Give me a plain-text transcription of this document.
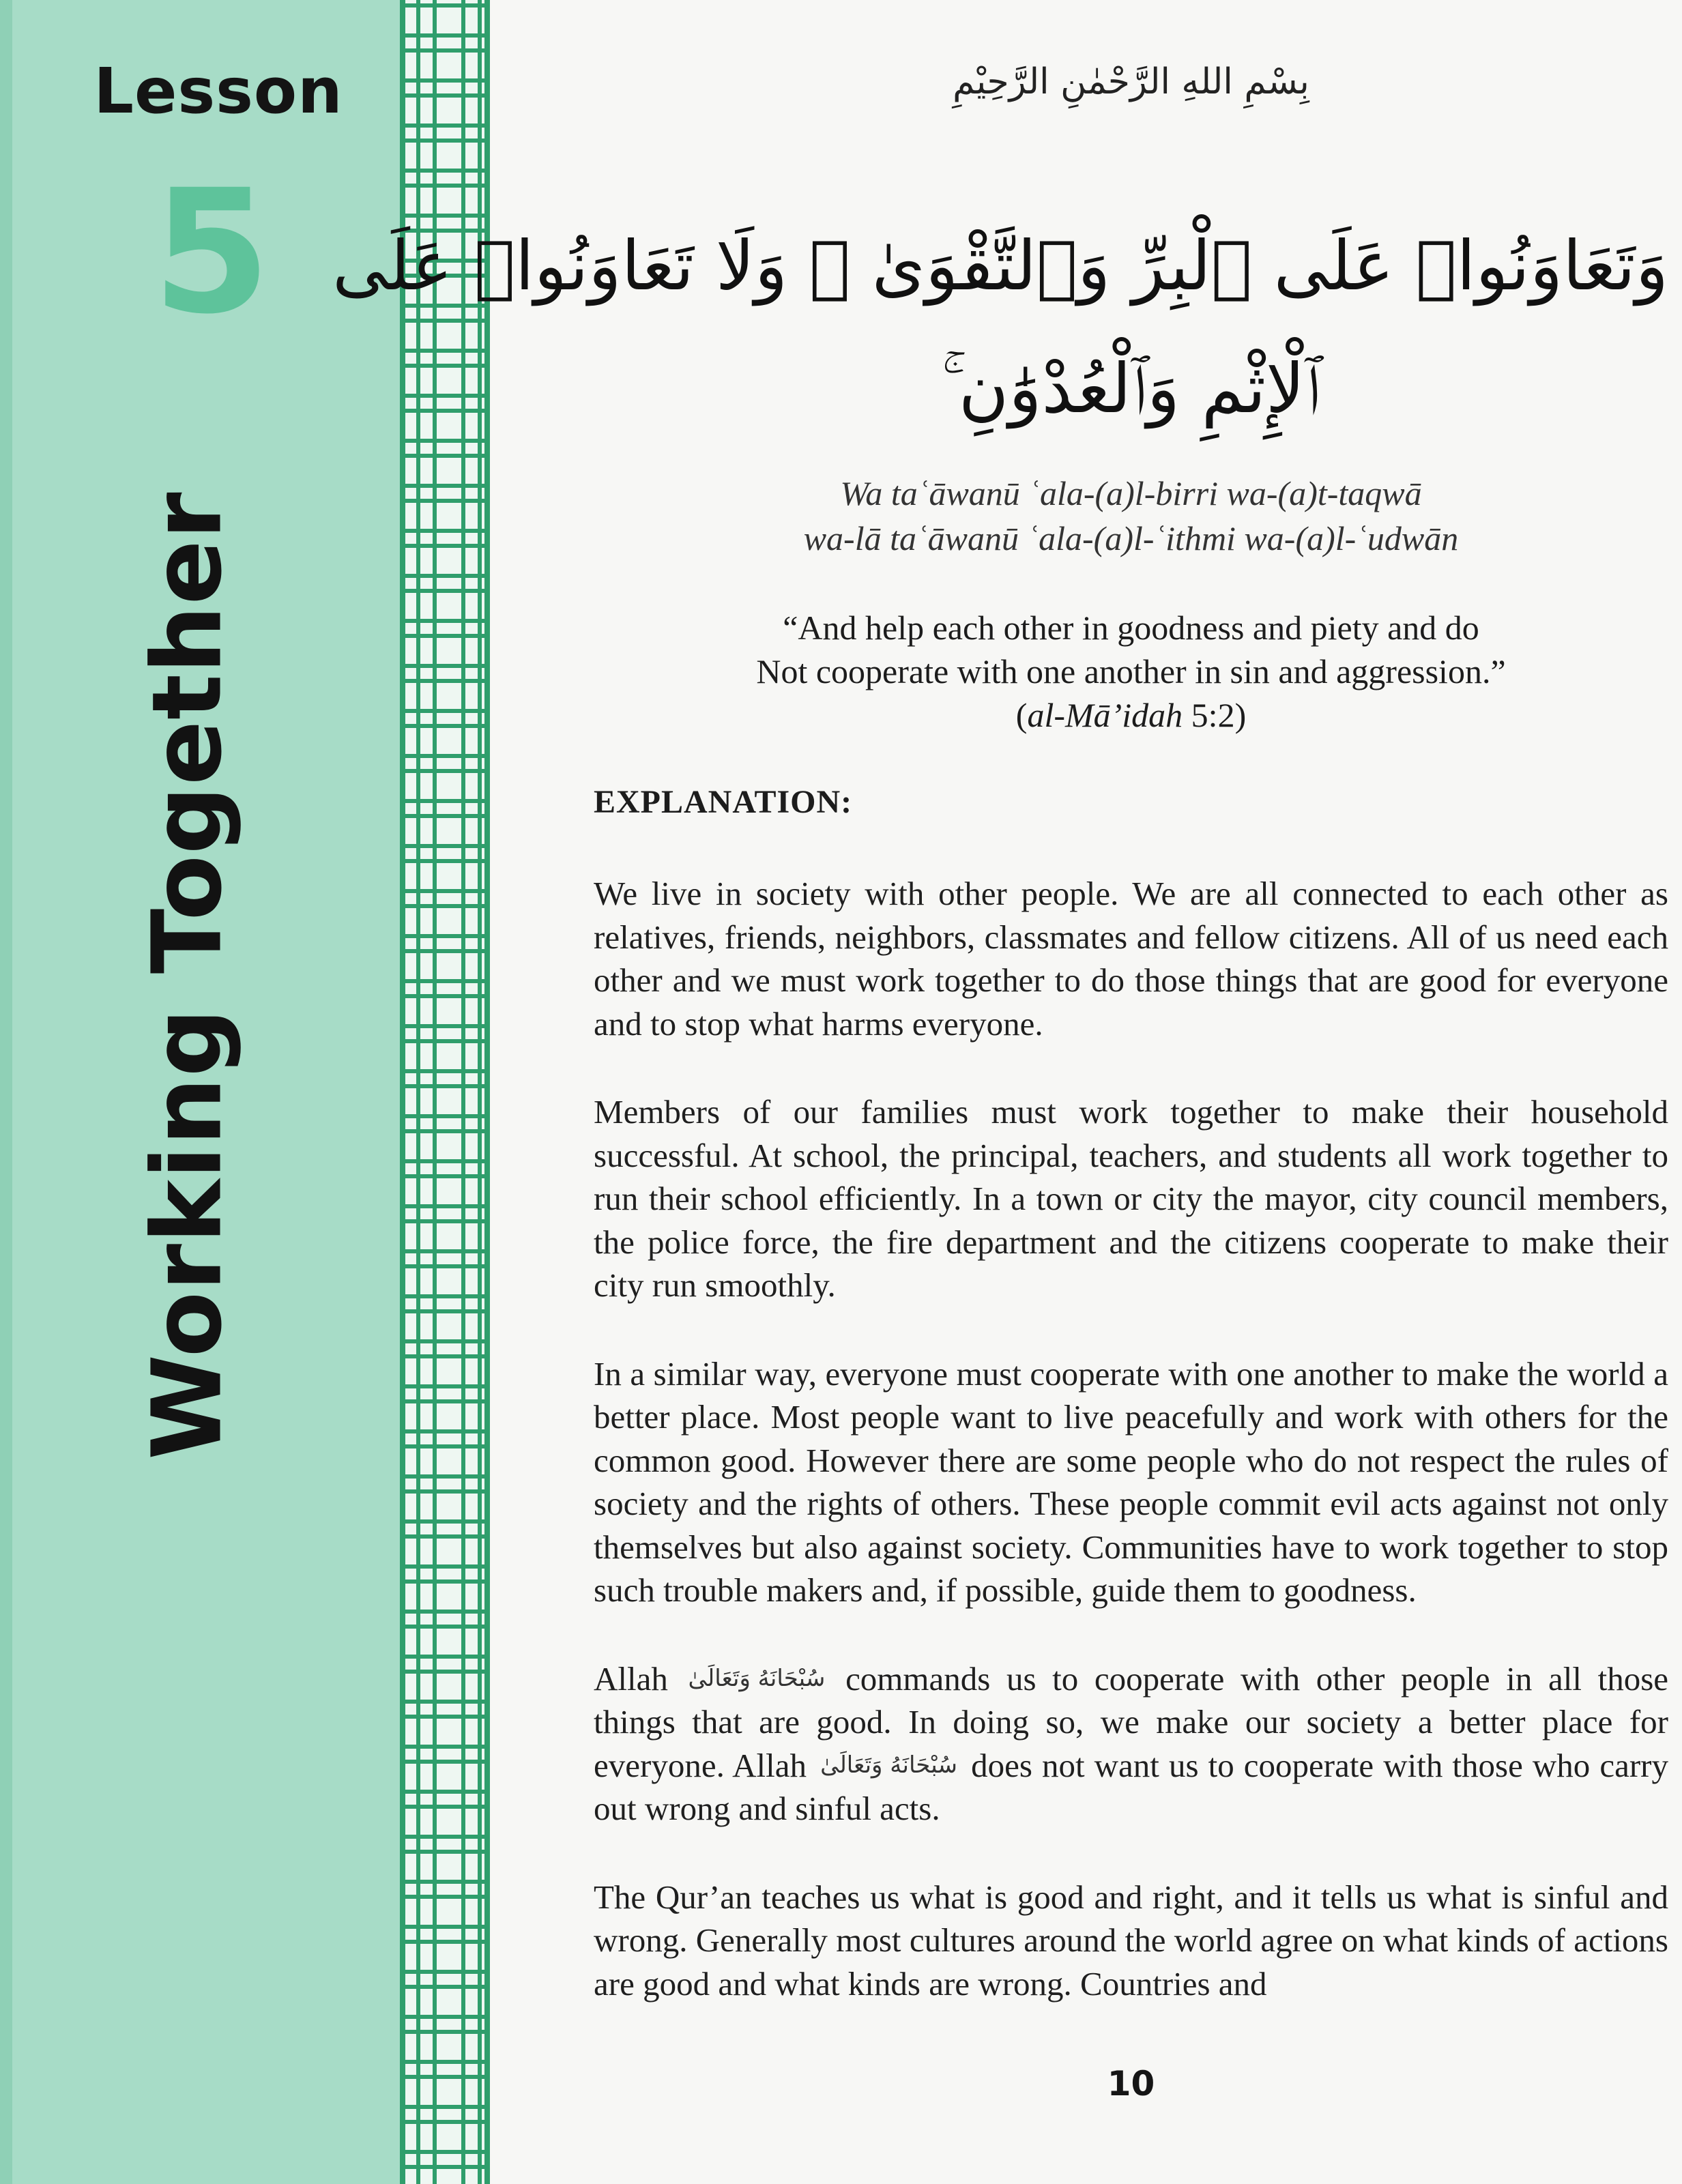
Lesson
5
Working Together
بِسْمِ اللهِ الرَّحْمٰنِ الرَّحِيْمِ
وَتَعَاوَنُوا۟ عَلَى ٱلْبِرِّ وَٱلتَّقْوَىٰ ۖ وَلَا تَعَاوَنُوا۟ عَلَى
ٱلْإِثْمِ وَٱلْعُدْوَٰنِ ۚ
Wa taʿāwanū ʿala-(a)l-birri wa-(a)t-taqwā
wa-lā taʿāwanū ʿala-(a)l-ʿithmi wa-(a)l-ʿudwān
“And help each other in goodness and piety and do
Not cooperate with one another in sin and aggression.”
(al-Mā’idah 5:2)
EXPLANATION:

We live in society with other people. We are all connected to each other as relatives, friends, neighbors, classmates and fellow citizens. All of us need each other and we must work together to do those things that are good for everyone and to stop what harms everyone.

Members of our families must work together to make their household successful. At school, the principal, teachers, and students all work together to run their school efficiently. In a town or city the mayor, city council members, the police force, the fire department and the citizens cooperate to make their city run smoothly.

In a similar way, everyone must cooperate with one another to make the world a better place. Most people want to live peacefully and work with others for the common good. However there are some people who do not respect the rules of society and the rights of others. These people commit evil acts against not only themselves but also against society. Communities have to work together to stop such trouble makers and, if possible, guide them to goodness.

Allah سُبْحَانَهُ وَتَعَالَىٰ commands us to cooperate with other people in all those things that are good. In doing so, we make our society a better place for everyone. Allah سُبْحَانَهُ وَتَعَالَىٰ does not want us to cooperate with those who carry out wrong and sinful acts.

The Qur’an teaches us what is good and right, and it tells us what is sinful and wrong. Generally most cultures around the world agree on what kinds of actions are good and what kinds are wrong. Countries and

10
